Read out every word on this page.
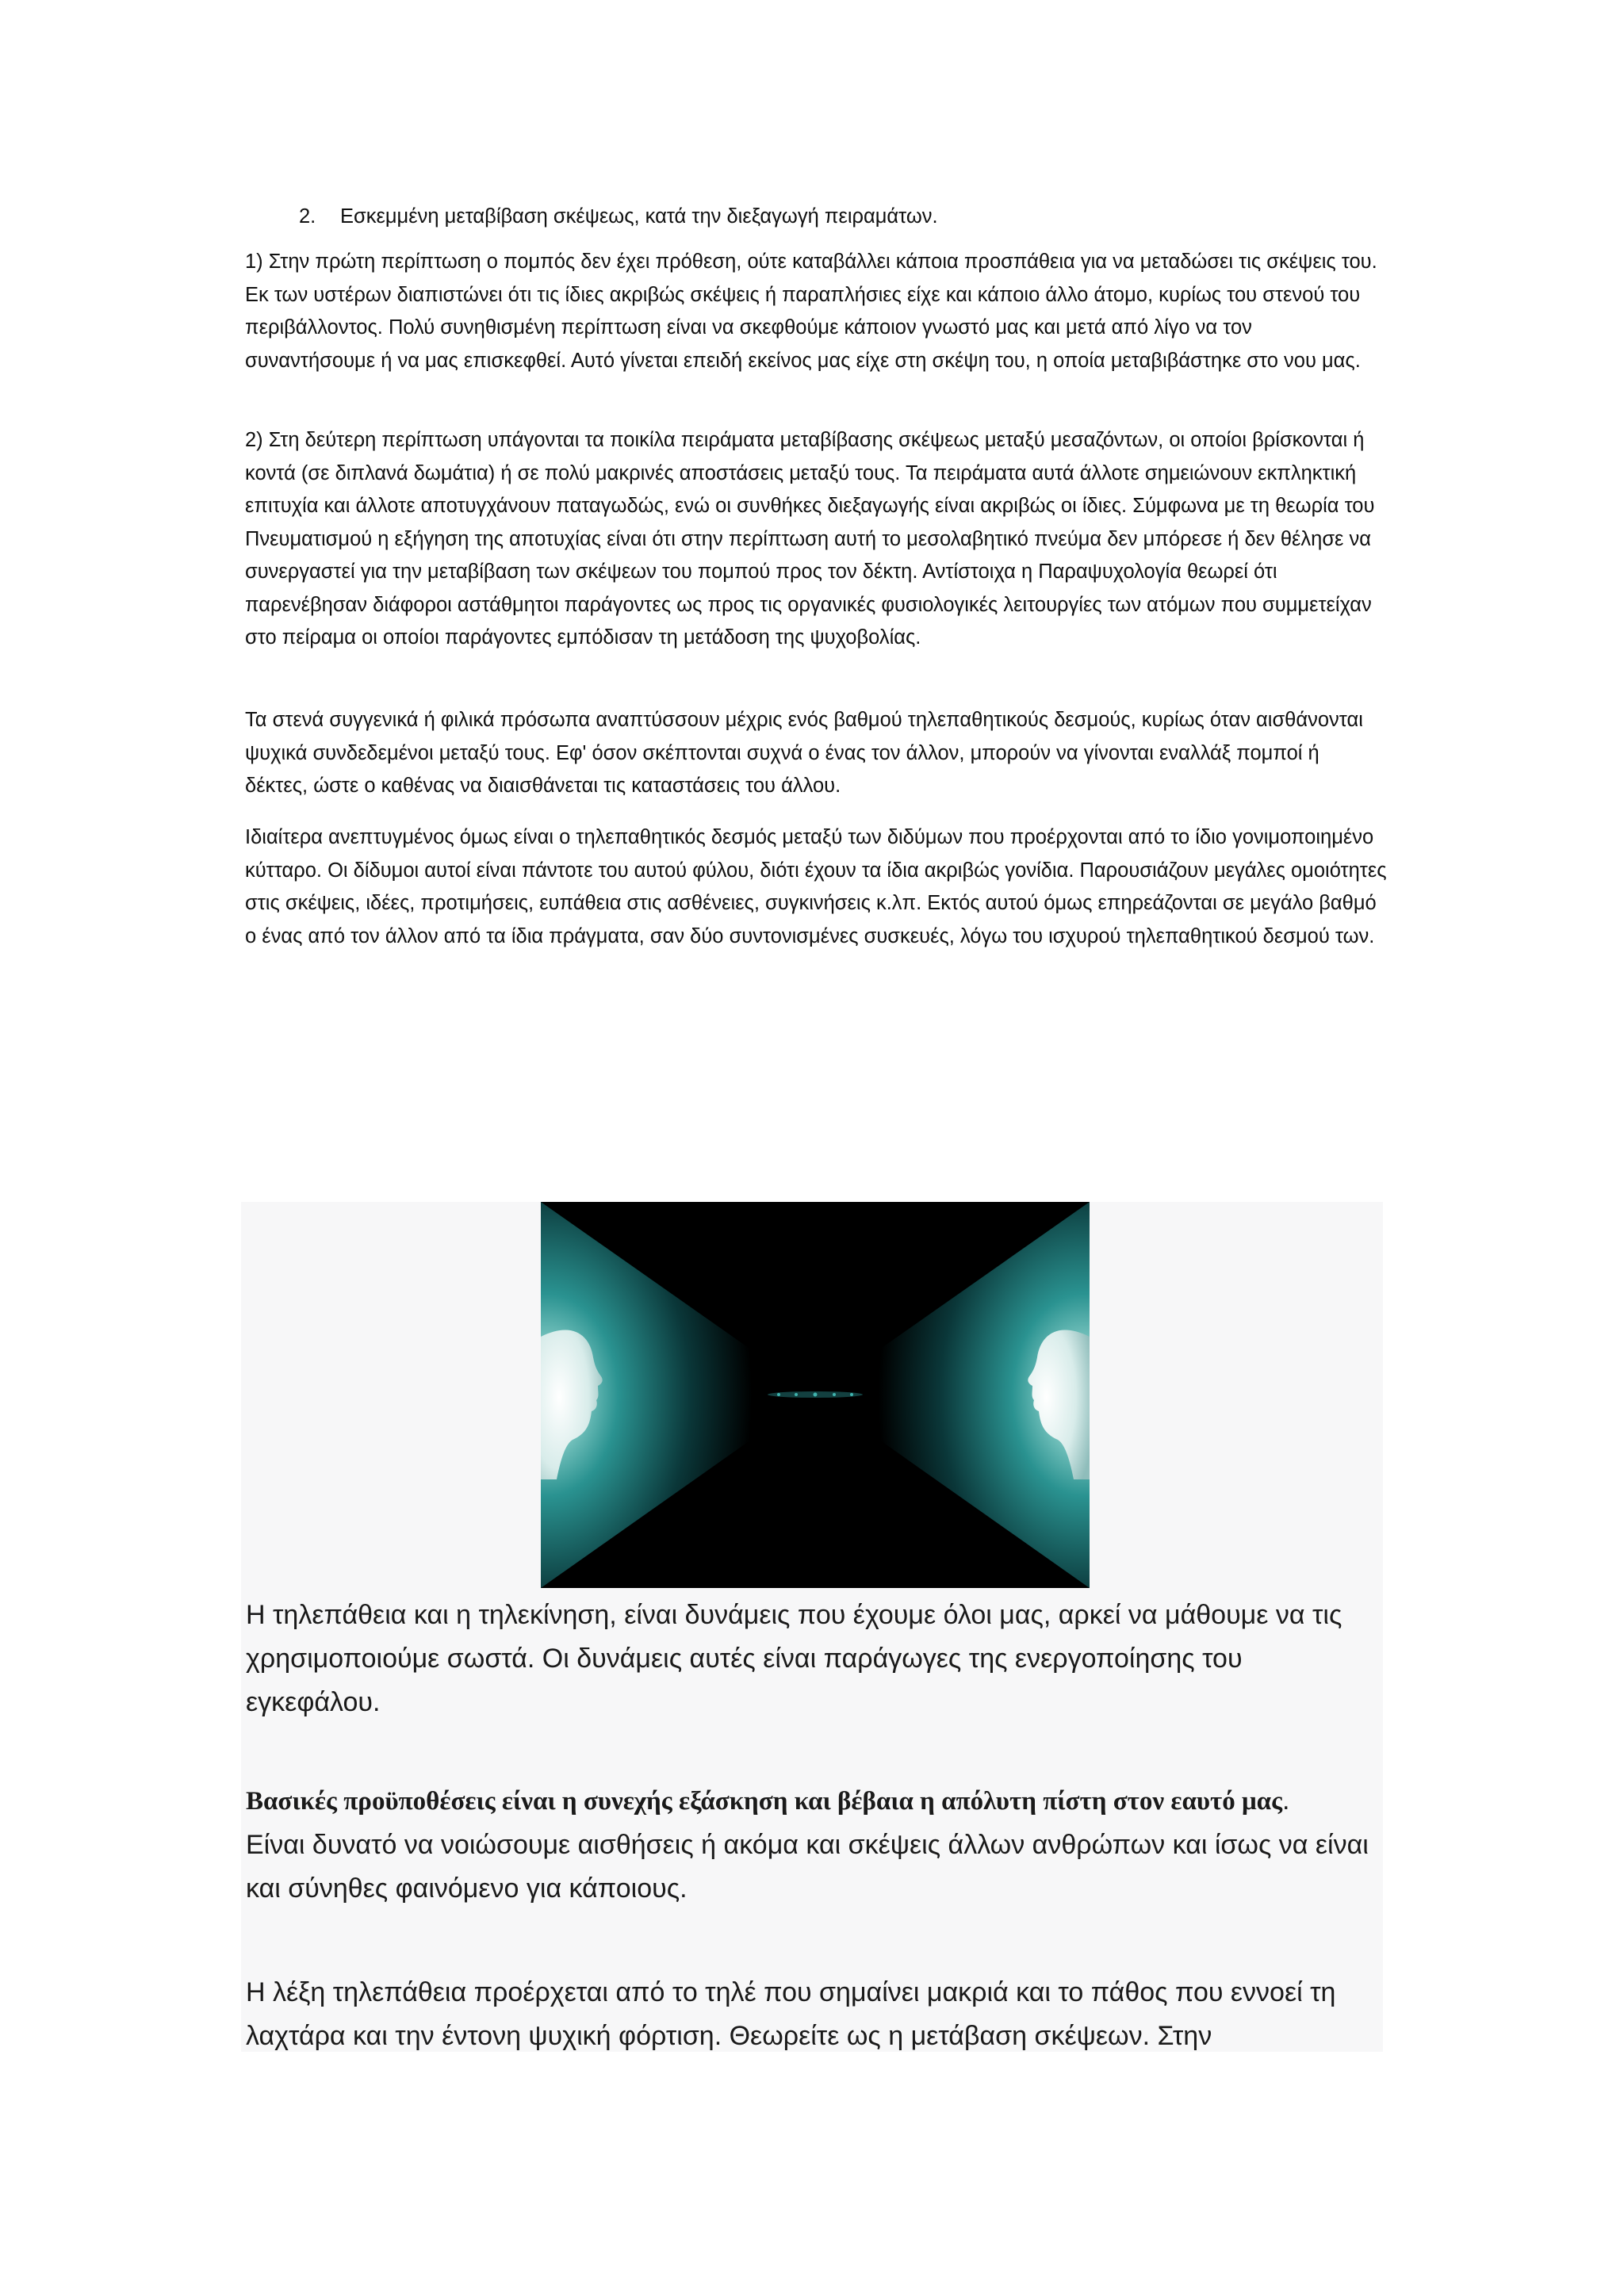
2. Εσκεμμένη μεταβίβαση σκέψεως, κατά την διεξαγωγή πειραμάτων.

1) Στην πρώτη περίπτωση ο πομπός δεν έχει πρόθεση, ούτε καταβάλλει κάποια προσπάθεια για να μεταδώσει τις σκέψεις του. Εκ των υστέρων διαπιστώνει ότι τις ίδιες ακριβώς σκέψεις ή παραπλήσιες είχε και κάποιο άλλο άτομο, κυρίως του στενού του περιβάλλοντος. Πολύ συνηθισμένη περίπτωση είναι να σκεφθούμε κάποιον γνωστό μας και μετά από λίγο να τον συναντήσουμε ή να μας επισκεφθεί. Αυτό γίνεται επειδή εκείνος μας είχε στη σκέψη του, η οποία μεταβιβάστηκε στο νου μας.

2) Στη δεύτερη περίπτωση υπάγονται τα ποικίλα πειράματα μεταβίβασης σκέψεως μεταξύ μεσαζόντων, οι οποίοι βρίσκονται ή κοντά (σε διπλανά δωμάτια) ή σε πολύ μακρινές αποστάσεις μεταξύ τους. Τα πειράματα αυτά άλλοτε σημειώνουν εκπληκτική επιτυχία και άλλοτε αποτυγχάνουν παταγωδώς, ενώ οι συνθήκες διεξαγωγής είναι ακριβώς οι ίδιες. Σύμφωνα με τη θεωρία του Πνευματισμού η εξήγηση της αποτυχίας είναι ότι στην περίπτωση αυτή το μεσολαβητικό πνεύμα δεν μπόρεσε ή δεν θέλησε να συνεργαστεί για την μεταβίβαση των σκέψεων του πομπού προς τον δέκτη. Αντίστοιχα η Παραψυχολογία θεωρεί ότι παρενέβησαν διάφοροι αστάθμητοι παράγοντες ως προς τις οργανικές φυσιολογικές λειτουργίες των ατόμων που συμμετείχαν στο πείραμα οι οποίοι παράγοντες εμπόδισαν τη μετάδοση της ψυχοβολίας.

Τα στενά συγγενικά ή φιλικά πρόσωπα αναπτύσσουν μέχρις ενός βαθμού τηλεπαθητικούς δεσμούς, κυρίως όταν αισθάνονται ψυχικά συνδεδεμένοι μεταξύ τους. Εφ' όσον σκέπτονται συχνά ο ένας τον άλλον, μπορούν να γίνονται εναλλάξ πομποί ή δέκτες, ώστε ο καθένας να διαισθάνεται τις καταστάσεις του άλλου.

Ιδιαίτερα ανεπτυγμένος όμως είναι ο τηλεπαθητικός δεσμός μεταξύ των διδύμων που προέρχονται από το ίδιο γονιμοποιημένο κύτταρο. Οι δίδυμοι αυτοί είναι πάντοτε του αυτού φύλου, διότι έχουν τα ίδια ακριβώς γονίδια. Παρουσιάζουν μεγάλες ομοιότητες στις σκέψεις, ιδέες, προτιμήσεις, ευπάθεια στις ασθένειες, συγκινήσεις κ.λπ. Εκτός αυτού όμως επηρεάζονται σε μεγάλο βαθμό ο ένας από τον άλλον από τα ίδια πράγματα, σαν δύο συντονισμένες συσκευές, λόγω του ισχυρού τηλεπαθητικού δεσμού των.

Η τηλεπάθεια και η τηλεκίνηση, είναι δυνάμεις που έχουμε όλοι μας, αρκεί να μάθουμε να τις χρησιμοποιούμε σωστά. Οι δυνάμεις αυτές είναι παράγωγες της ενεργοποίησης του εγκεφάλου.

Βασικές προϋποθέσεις είναι η συνεχής εξάσκηση και βέβαια η απόλυτη πίστη στον εαυτό μας.
Είναι δυνατό να νοιώσουμε αισθήσεις ή ακόμα και σκέψεις άλλων ανθρώπων και ίσως να είναι και σύνηθες φαινόμενο για κάποιους.

Η λέξη τηλεπάθεια προέρχεται από το τηλέ που σημαίνει μακριά και το πάθος που εννοεί τη λαχτάρα και την έντονη ψυχική φόρτιση. Θεωρείτε ως η μετάβαση σκέψεων. Στην
